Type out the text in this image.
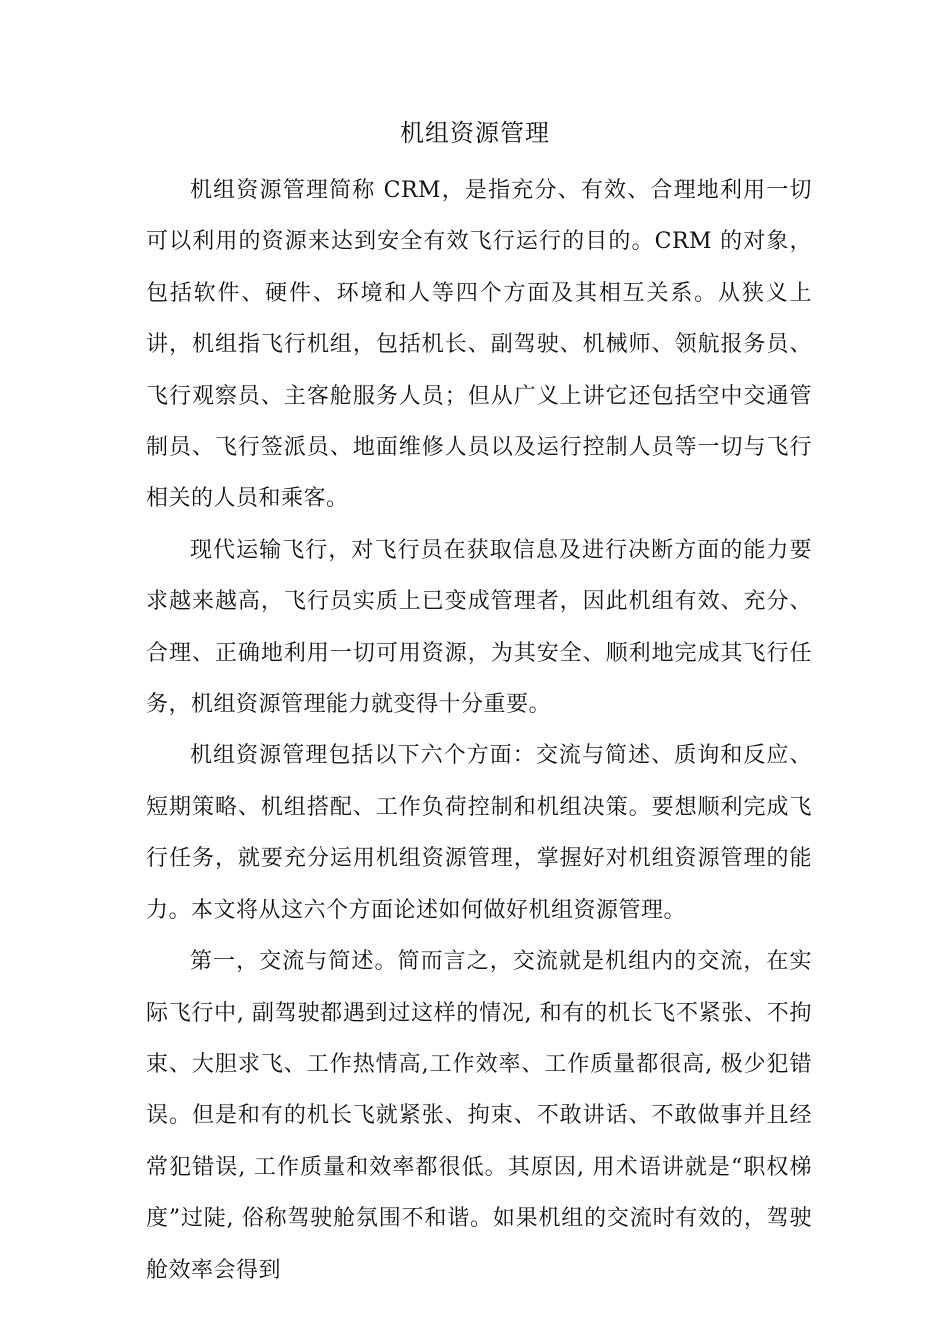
机组资源管理

机组资源管理简称 CRM，是指充分、有效、合理地利用一切可以利用的资源来达到安全有效飞行运行的目的。CRM 的对象，包括软件、硬件、环境和人等四个方面及其相互关系。从狭义上讲，机组指飞行机组，包括机长、副驾驶、机械师、领航报务员、飞行观察员、主客舱服务人员；但从广义上讲它还包括空中交通管制员、飞行签派员、地面维修人员以及运行控制人员等一切与飞行相关的人员和乘客。

现代运输飞行，对飞行员在获取信息及进行决断方面的能力要求越来越高，飞行员实质上已变成管理者，因此机组有效、充分、合理、正确地利用一切可用资源，为其安全、顺利地完成其飞行任务，机组资源管理能力就变得十分重要。

机组资源管理包括以下六个方面：交流与简述、质询和反应、短期策略、机组搭配、工作负荷控制和机组决策。要想顺利完成飞行任务，就要充分运用机组资源管理，掌握好对机组资源管理的能力。本文将从这六个方面论述如何做好机组资源管理。

第一，交流与简述。简而言之，交流就是机组内的交流，在实际飞行中, 副驾驶都遇到过这样的情况, 和有的机长飞不紧张、不拘束、大胆求飞、工作热情高,工作效率、工作质量都很高, 极少犯错误。但是和有的机长飞就紧张、拘束、不敢讲话、不敢做事并且经常犯错误, 工作质量和效率都很低。其原因, 用术语讲就是“职权梯度”过陡, 俗称驾驶舱氛围不和谐。如果机组的交流时有效的，驾驶舱效率会得到
